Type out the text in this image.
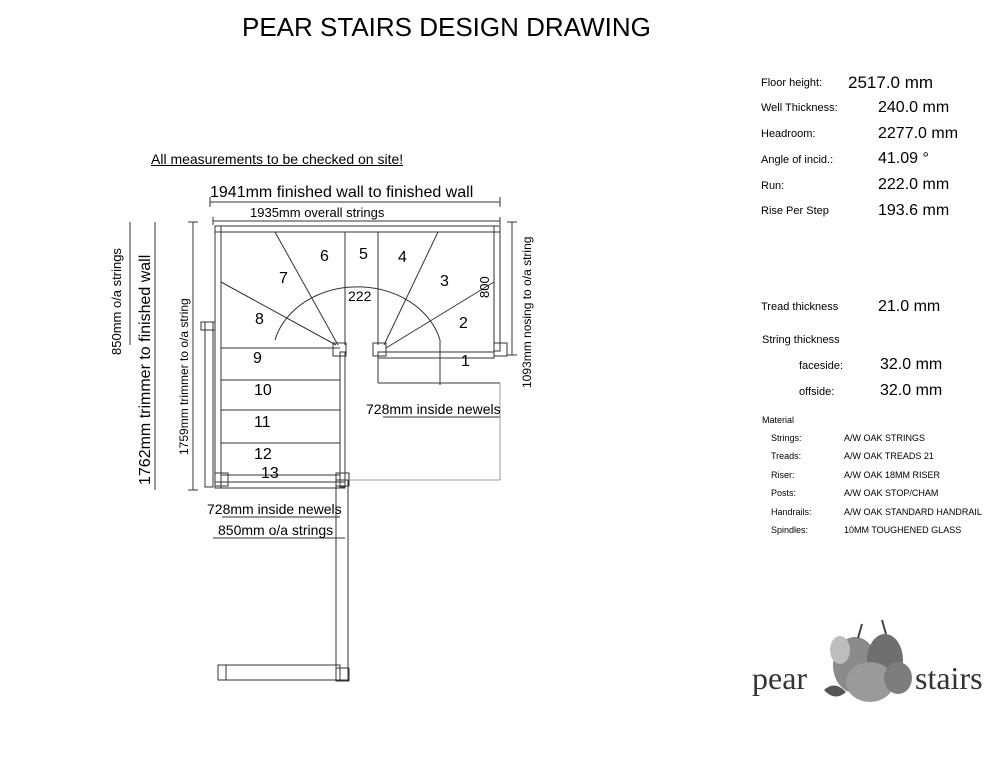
PEAR STAIRS DESIGN DRAWING
All measurements to be checked on site!
1941mm finished wall to finished wall
1935mm overall strings
850mm o/a strings 1762mm trimmer to finished wall 1759mm trimmer to o/a string	1093mm nosing to o/a string
728mm inside newels
728mm inside newels
850mm o/a strings
222	800
1
2
3
4
5
6
7
8
9
10
11
12
13
Floor height: 2517.0 mm
Well Thickness:	240.0 mm
Headroom:	2277.0 mm
Angle of incid.:	41.09 °
Run:	222.0 mm
Rise Per Step	193.6 mm
Tread thickness 21.0 mm
String thickness
faceside: 32.0 mm
offside:	32.0 mm
Material
Strings:	A/W OAK STRINGS
Treads:	A/W OAK TREADS 21
Riser:	A/W OAK 18MM RISER
Posts:	A/W OAK STOP/CHAM
Handrails:	A/W OAK STANDARD HANDRAIL
Spindles:	10MM TOUGHENED GLASS
pear	stairs
